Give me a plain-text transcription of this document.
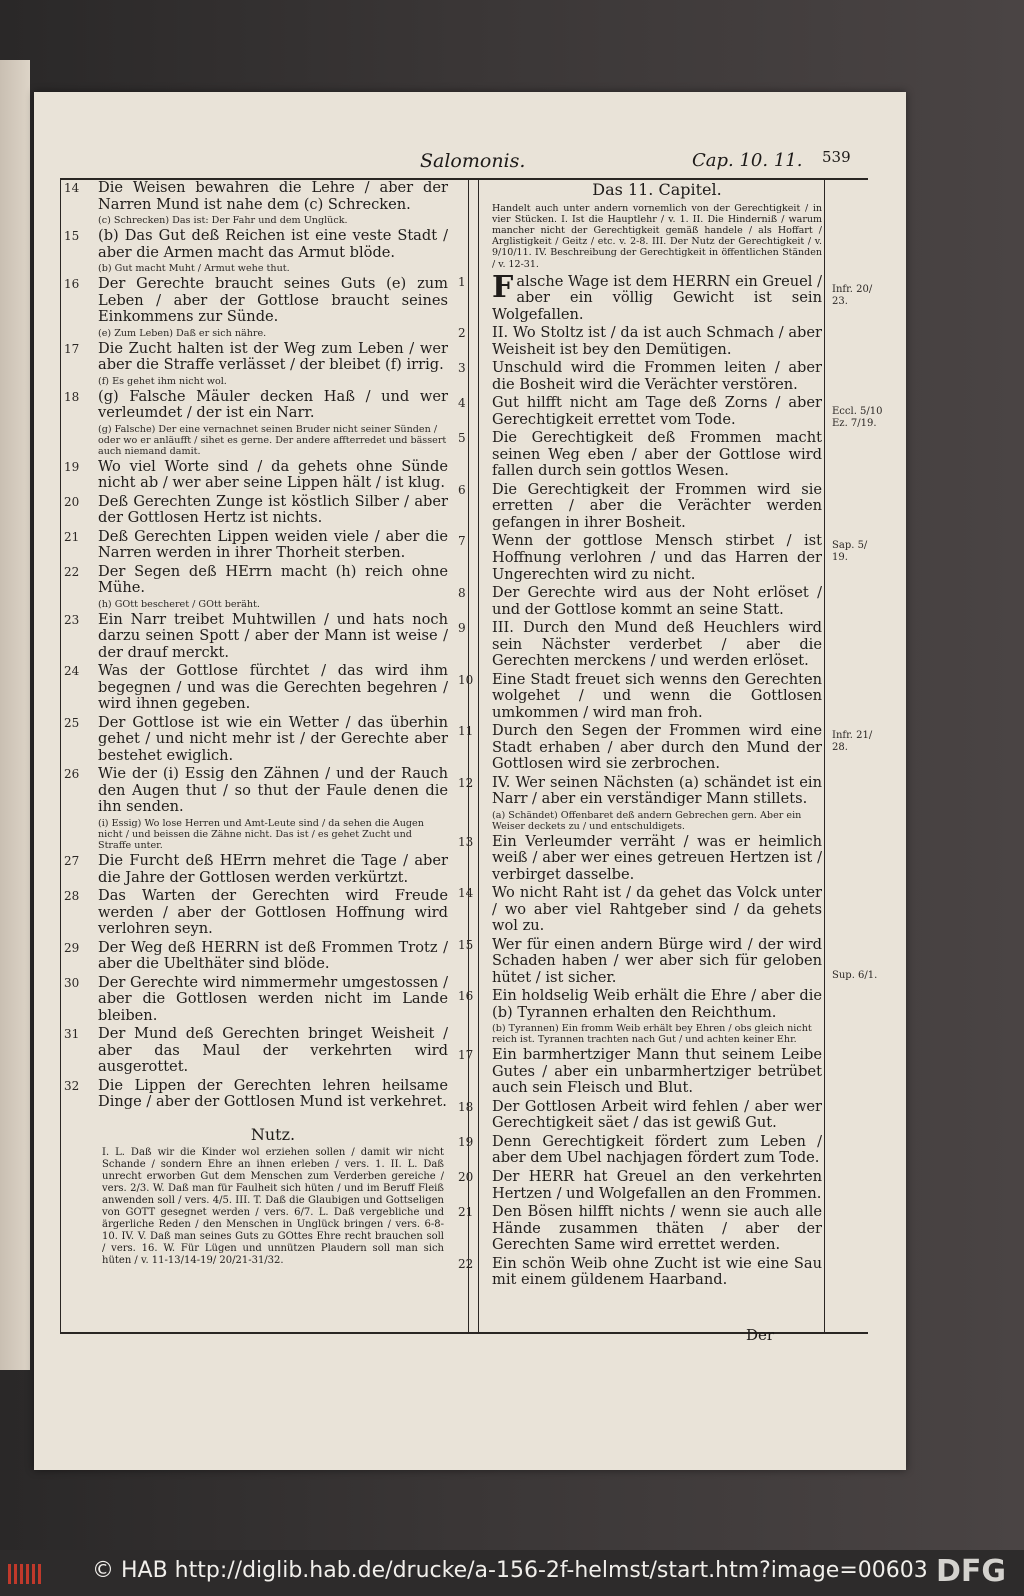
Salomonis.	Cap. 10. 11. 539
14 Die Weisen bewahren die Lehre / aber der Narren Mund ist nahe dem (c) Schrecken.
(c) Schrecken) Das ist: Der Fahr und dem Unglück.
15 (b) Das Gut deß Reichen ist eine veste Stadt / aber die Armen macht das Armut blöde.
(b) Gut macht Muht / Armut wehe thut.
16 Der Gerechte braucht seines Guts (e) zum Leben / aber der Gottlose braucht seines Einkommens zur Sünde.
(e) Zum Leben) Daß er sich nähre.
17 Die Zucht halten ist der Weg zum Leben / wer aber die Straffe verlässet / der bleibet (f) irrig.
(f) Es gehet ihm nicht wol.
18 (g) Falsche Mäuler decken Haß / und wer verleumdet / der ist ein Narr.
(g) Falsche) Der eine vernachnet seinen Bruder nicht seiner Sünden / oder wo er anläufft / sihet es gerne. Der andere affterredet und bässert auch niemand damit.
19 Wo viel Worte sind / da gehets ohne Sünde nicht ab / wer aber seine Lippen hält / ist klug.
20 Deß Gerechten Zunge ist köstlich Silber / aber der Gottlosen Hertz ist nichts.
21 Deß Gerechten Lippen weiden viele / aber die Narren werden in ihrer Thorheit sterben.
22 Der Segen deß HErrn macht (h) reich ohne Mühe.
(h) GOtt bescheret / GOtt beräht.
23 Ein Narr treibet Muhtwillen / und hats noch darzu seinen Spott / aber der Mann ist weise / der drauf merckt.
24 Was der Gottlose fürchtet / das wird ihm begegnen / und was die Gerechten begehren / wird ihnen gegeben.
25 Der Gottlose ist wie ein Wetter / das überhin gehet / und nicht mehr ist / der Gerechte aber bestehet ewiglich.
26 Wie der (i) Essig den Zähnen / und der Rauch den Augen thut / so thut der Faule denen die ihn senden.
(i) Essig) Wo lose Herren und Amt-Leute sind / da sehen die Augen nicht / und beissen die Zähne nicht. Das ist / es gehet Zucht und Straffe unter.
27 Die Furcht deß HErrn mehret die Tage / aber die Jahre der Gottlosen werden verkürtzt.
28 Das Warten der Gerechten wird Freude werden / aber der Gottlosen Hoffnung wird verlohren seyn.
29 Der Weg deß HERRN ist deß Frommen Trotz / aber die Ubelthäter sind blöde.
30 Der Gerechte wird nimmermehr umgestossen / aber die Gottlosen werden nicht im Lande bleiben.
31 Der Mund deß Gerechten bringet Weisheit / aber das Maul der verkehrten wird ausgerottet.
32 Die Lippen der Gerechten lehren heilsame Dinge / aber der Gottlosen Mund ist verkehret.
Nutz.
I. L. Daß wir die Kinder wol erziehen sollen / damit wir nicht Schande / sondern Ehre an ihnen erleben / vers. 1. II. L. Daß unrecht erworben Gut dem Menschen zum Verderben gereiche / vers. 2/3. W. Daß man für Faulheit sich hüten / und im Beruff Fleiß anwenden soll / vers. 4/5. III. T. Daß die Glaubigen und Gottseligen von GOTT gesegnet werden / vers. 6/7. L. Daß vergebliche und ärgerliche Reden / den Menschen in Unglück bringen / vers. 6-8-10. IV. V. Daß man seines Guts zu GOttes Ehre recht brauchen soll / vers. 16. W. Für Lügen und unnützen Plaudern soll man sich hüten / v. 11-13/14-19/ 20/21-31/32.
Das 11. Capitel.
Handelt auch unter andern vornemlich von der Gerechtigkeit / in vier Stücken. I. Ist die Hauptlehr / v. 1. II. Die Hinderniß / warum mancher nicht der Gerechtigkeit gemäß handele / als Hoffart / Arglistigkeit / Geitz / etc. v. 2-8. III. Der Nutz der Gerechtigkeit / v. 9/10/11. IV. Beschreibung der Gerechtigkeit in öffentlichen Ständen / v. 12-31.
1 F alsche Wage ist dem HERRN ein Greuel / aber ein völlig Gewicht ist sein Wolgefallen.
2 II. Wo Stoltz ist / da ist auch Schmach / aber Weisheit ist bey den Demütigen.
3 Unschuld wird die Frommen leiten / aber die Bosheit wird die Verächter verstören.
4 Gut hilfft nicht am Tage deß Zorns / aber Gerechtigkeit errettet vom Tode.
5 Die Gerechtigkeit deß Frommen macht seinen Weg eben / aber der Gottlose wird fallen durch sein gottlos Wesen.
6 Die Gerechtigkeit der Frommen wird sie erretten / aber die Verächter werden gefangen in ihrer Bosheit.
7 Wenn der gottlose Mensch stirbet / ist Hoffnung verlohren / und das Harren der Ungerechten wird zu nicht.
8 Der Gerechte wird aus der Noht erlöset / und der Gottlose kommt an seine Statt.
9 III. Durch den Mund deß Heuchlers wird sein Nächster verderbet / aber die Gerechten merckens / und werden erlöset.
10 Eine Stadt freuet sich wenns den Gerechten wolgehet / und wenn die Gottlosen umkommen / wird man froh.
11 Durch den Segen der Frommen wird eine Stadt erhaben / aber durch den Mund der Gottlosen wird sie zerbrochen.
12 IV. Wer seinen Nächsten (a) schändet ist ein Narr / aber ein verständiger Mann stillets.
(a) Schändet) Offenbaret deß andern Gebrechen gern. Aber ein Weiser deckets zu / und entschuldigets.
13 Ein Verleumder verräht / was er heimlich weiß / aber wer eines getreuen Hertzen ist / verbirget dasselbe.
14 Wo nicht Raht ist / da gehet das Volck unter / wo aber viel Rahtgeber sind / da gehets wol zu.
15 Wer für einen andern Bürge wird / der wird Schaden haben / wer aber sich für geloben hütet / ist sicher.
16 Ein holdselig Weib erhält die Ehre / aber die (b) Tyrannen erhalten den Reichthum.
(b) Tyrannen) Ein fromm Weib erhält bey Ehren / obs gleich nicht reich ist. Tyrannen trachten nach Gut / und achten keiner Ehr.
17 Ein barmhertziger Mann thut seinem Leibe Gutes / aber ein unbarmhertziger betrübet auch sein Fleisch und Blut.
18 Der Gottlosen Arbeit wird fehlen / aber wer Gerechtigkeit säet / das ist gewiß Gut.
19 Denn Gerechtigkeit fördert zum Leben / aber dem Ubel nachjagen fördert zum Tode.
20 Der HERR hat Greuel an den verkehrten Hertzen / und Wolgefallen an den Frommen.
21 Den Bösen hilfft nichts / wenn sie auch alle Hände zusammen thäten / aber der Gerechten Same wird errettet werden.
22 Ein schön Weib ohne Zucht ist wie eine Sau mit einem güldenem Haarband.
Infr. 20/ 23.
Eccl. 5/10 Ez. 7/19.
Sap. 5/ 19.
Infr. 21/ 28.
Sup. 6/1.
Der
© HAB http://diglib.hab.de/drucke/a-156-2f-helmst/start.htm?image=00603 DFG
